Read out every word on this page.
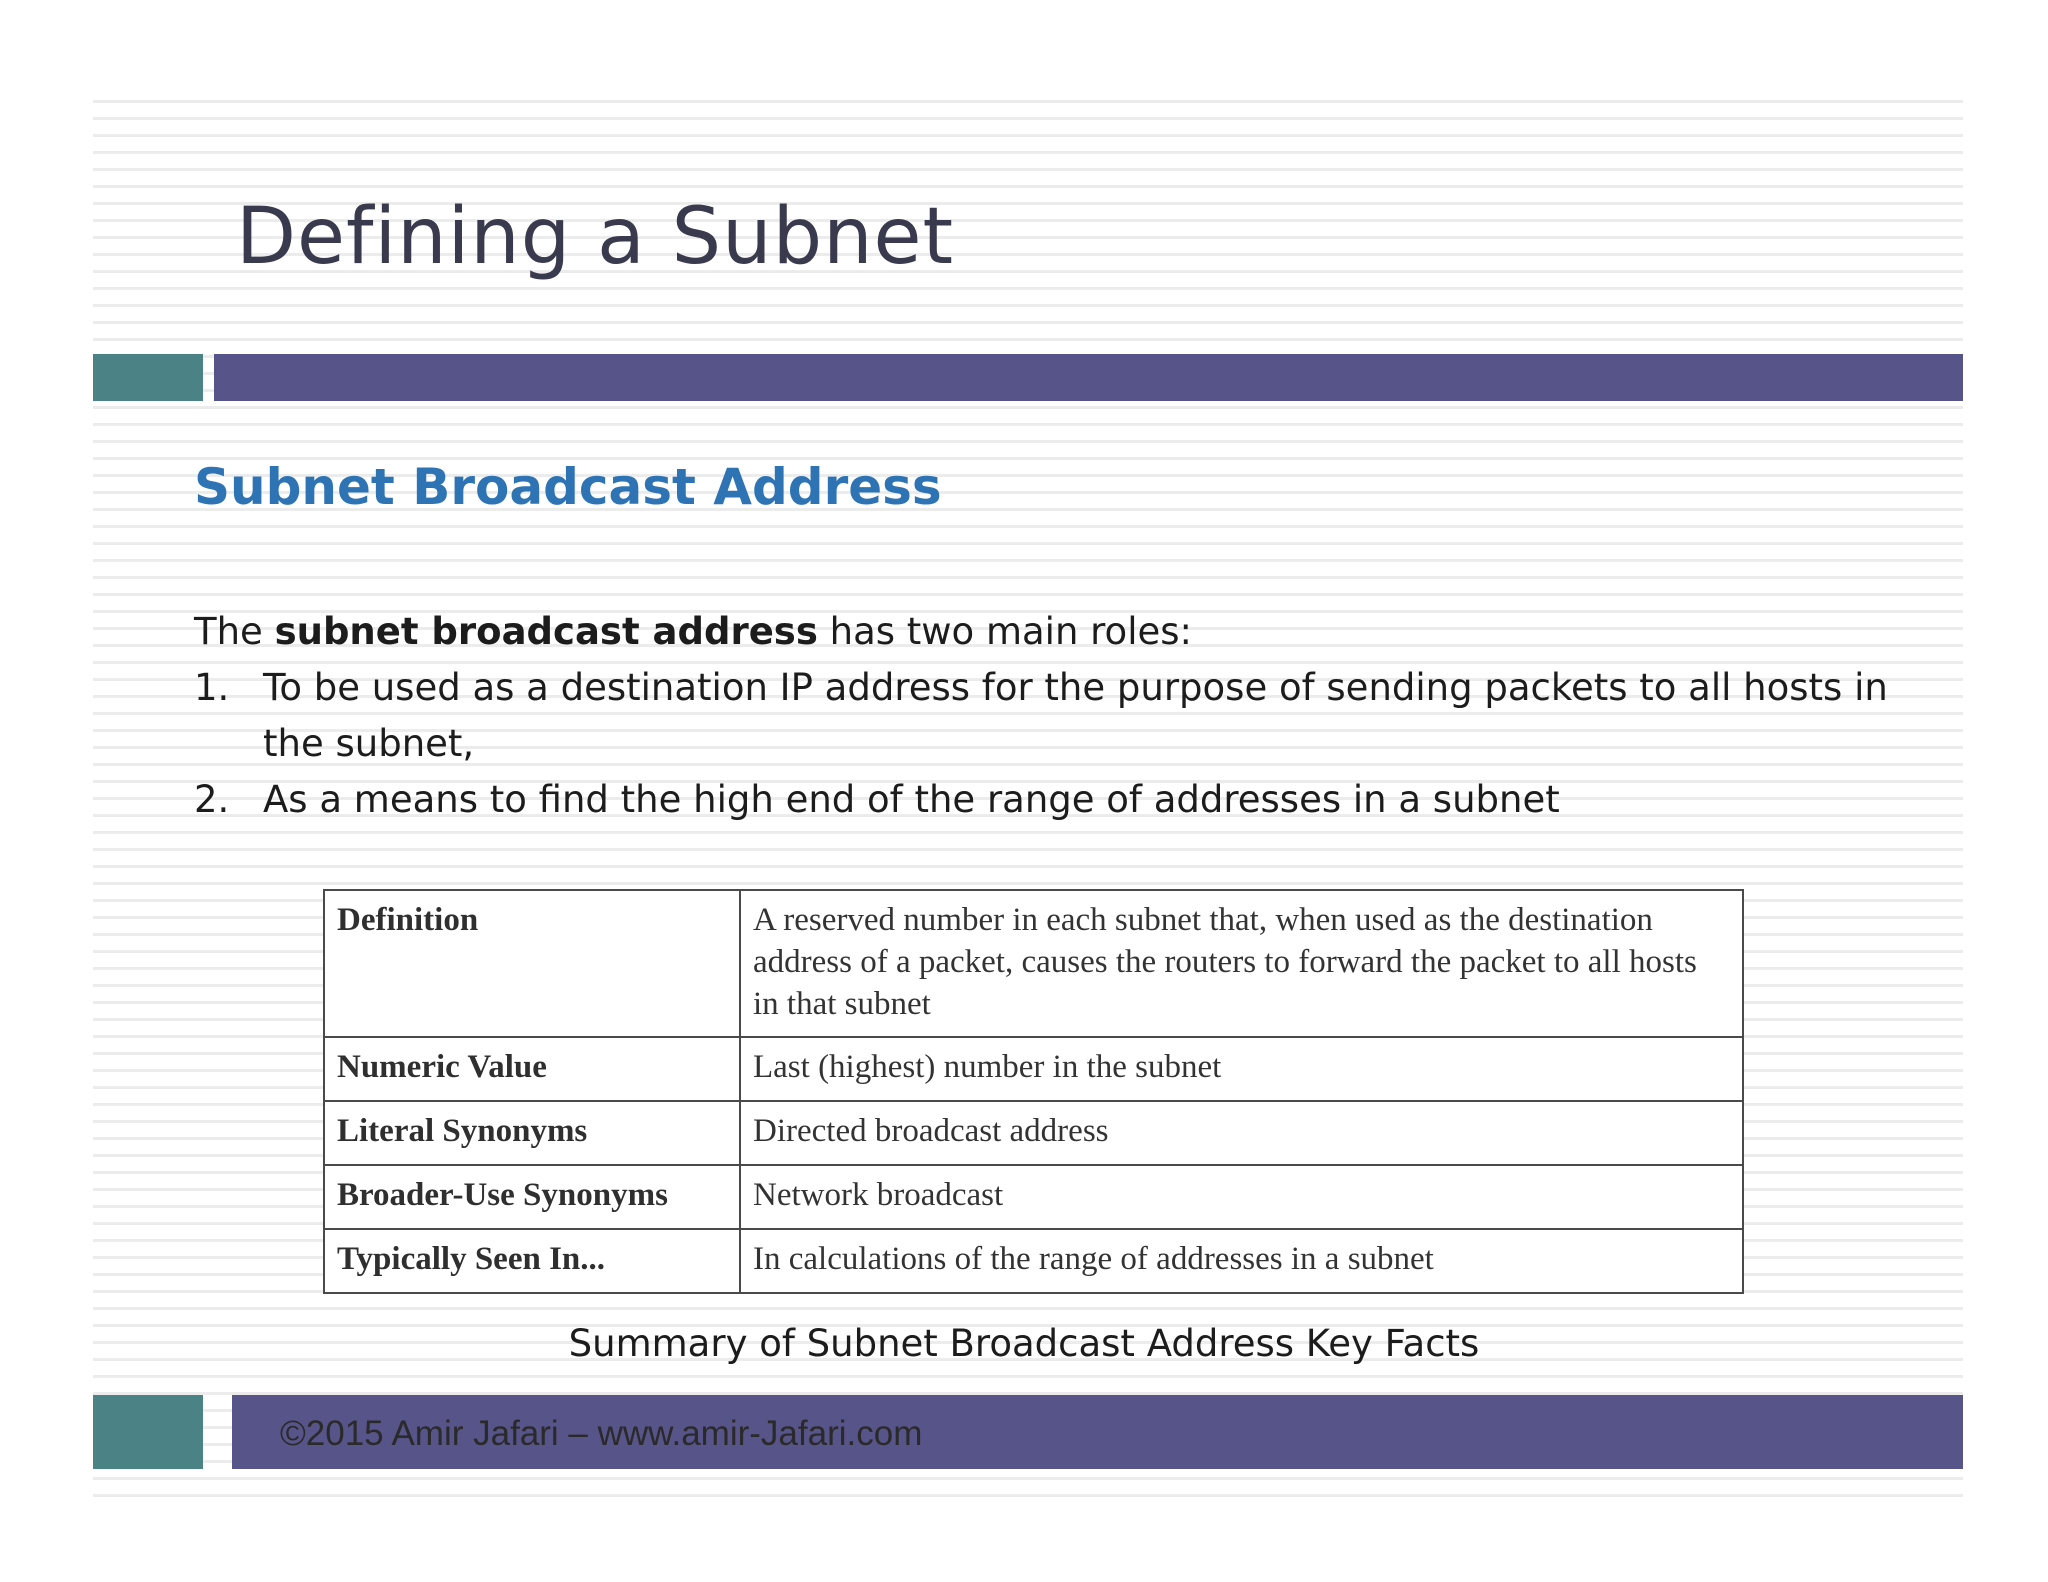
Defining a Subnet
Subnet Broadcast Address
The subnet broadcast address has two main roles:
1. To be used as a destination IP address for the purpose of sending packets to all hosts in the subnet,
2. As a means to find the high end of the range of addresses in a subnet
Definition	A reserved number in each subnet that, when used as the destination address of a packet, causes the routers to forward the packet to all hosts in that subnet
Numeric Value	Last (highest) number in the subnet
Literal Synonyms	Directed broadcast address
Broader-Use Synonyms	Network broadcast
Typically Seen In...	In calculations of the range of addresses in a subnet
Summary of Subnet Broadcast Address Key Facts
©2015 Amir Jafari – www.amir-Jafari.com
